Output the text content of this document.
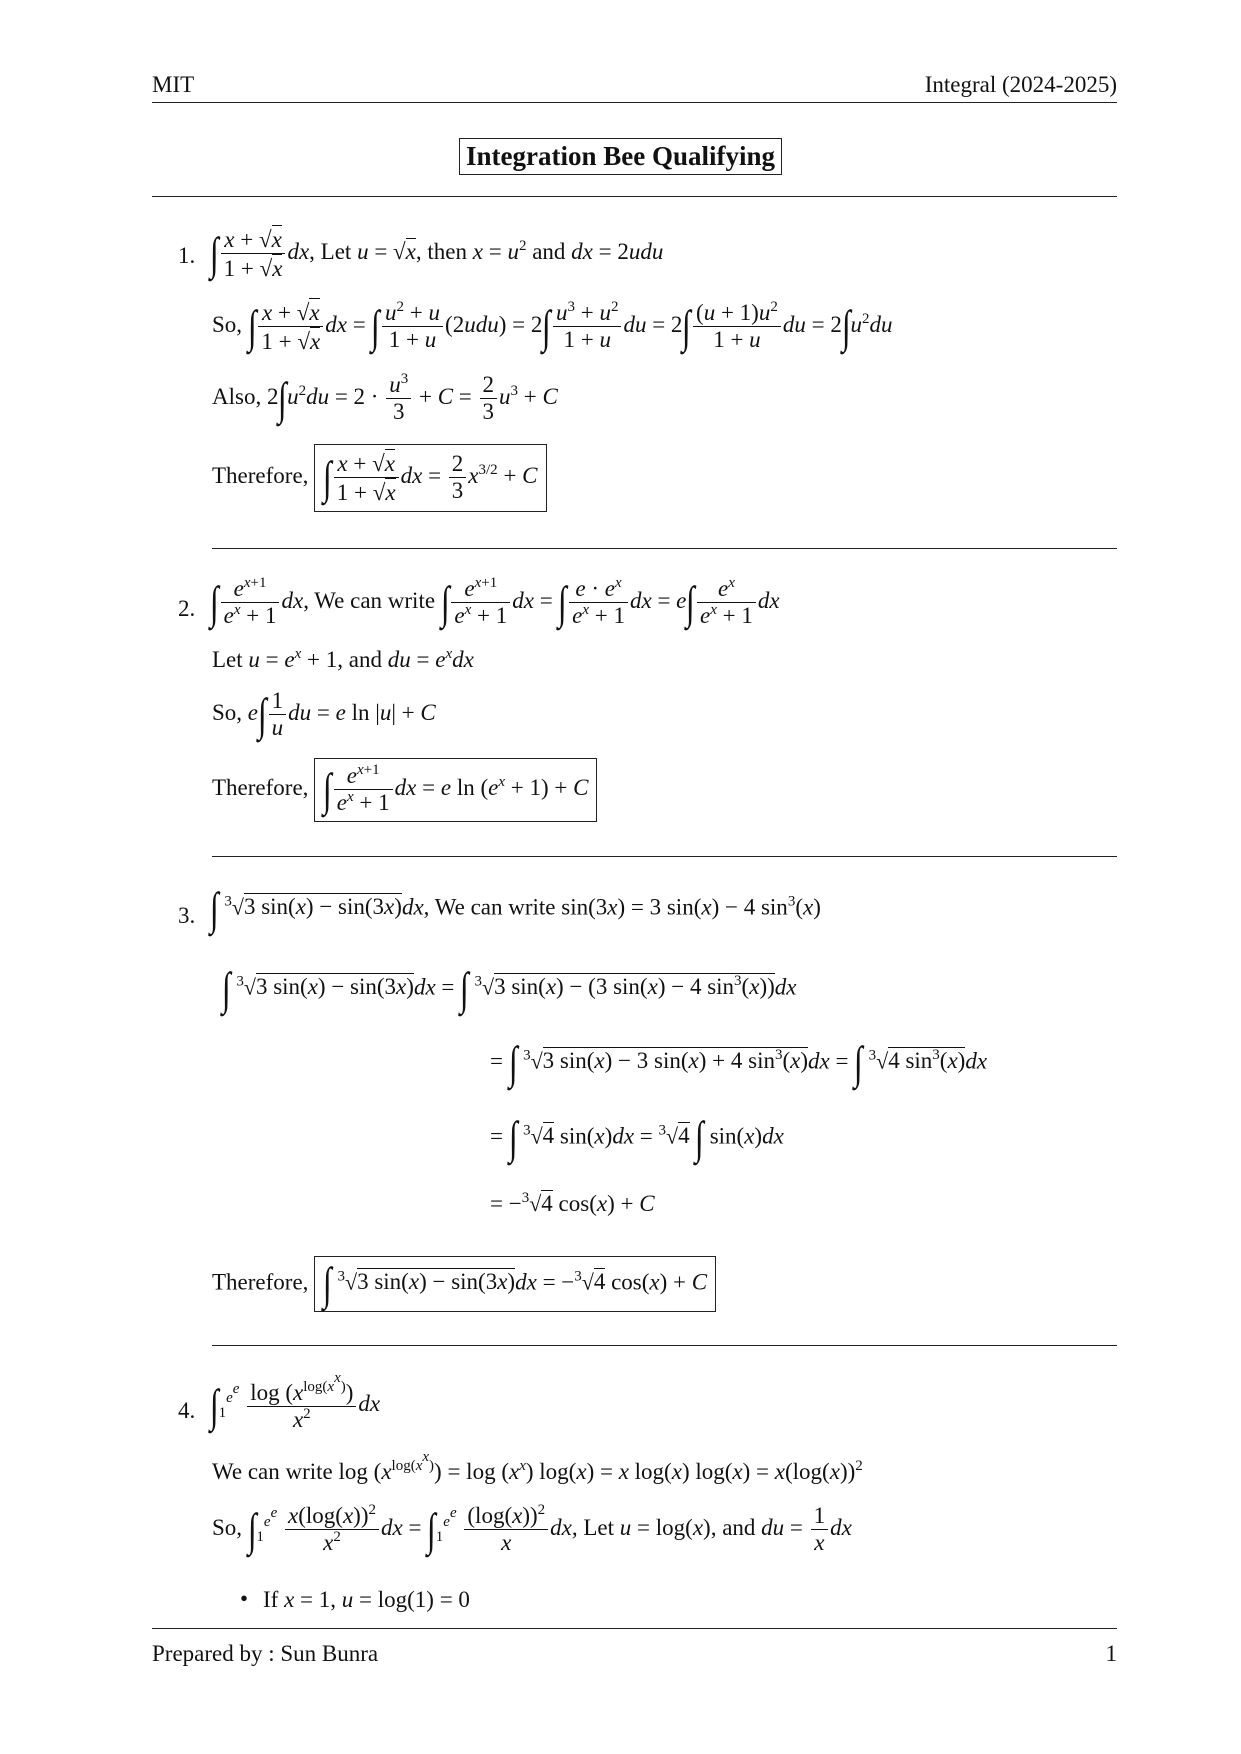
MIT	Integral (2024-2025)
Integration Bee Qualifying
1. ∫ $\frac{x + √x}{1 + √x}$ dx, Let u = √x, then $x = u^2$ and dx = 2udu
So, ∫ $\frac{x + √x}{1 + √x}$ dx = ∫ $\frac{u^2 + u}{1 + u} (2udu) = 2\int \frac{u^3 + u^2}{1 + u}$ du = $2\int \frac{(u + 1)u^2}{1 + u}$ du = $2\int u^2du$
Also, $2\int u^2du = 2 \cdot \frac{u^3}{3} + C = \frac{2}{3} u^3 + C$
Therefore, ∫ $\frac{x + √x}{1 + √x}$ dx = $\frac{2}{3} x^{3/2} + C$
2. ∫ $\frac{e^{x+1}}{e^x + 1}$ dx, We can write ∫ $\frac{e^{x+1}}{e^x + 1}$ dx = ∫ $\frac{e \cdot e^x}{e^x + 1}$ dx = $e\int \frac{e^x}{e^x + 1}$ dx
Let $u = e^x + 1$, and du = $e^xdx$
So, $e\int \frac{1}{u}$ du = e ln |u| + C
Therefore, ∫ $\frac{e^{x+1}}{e^x + 1}$ dx = e $\ln (e^x + 1) + C$
3. ∫ $^3$√3 sin(x) − sin(3x)dx, We can write sin(3x) = 3 sin(x) − 4 $\sin^3(x)$
∫ $^3$√3 sin(x) − sin(3x)dx = ∫ $^3$√3 sin(x) − (3 sin(x) − 4 $\sin^3(x))dx$
= ∫ $^3$√3 sin(x) − 3 sin(x) + 4 $\sin^3(x)dx$ = ∫ $^3$√4 $\sin^3(x)dx$
= ∫ $^3$√4 sin(x)dx = $^3$√4 ∫ sin(x)dx
= −$^3$√4 cos(x) + C
Therefore, ∫ $^3$√3 sin(x) − sin(3x)dx = −$^3$√4 cos(x) + C
4. $\int_1^{e^e} \frac{\log (x^{log(x^x)})}{x^2}$ dx
We can write $\log (x^{log(x^x)}) = \log (x^x) \log(x) = x$ log(x) $\log(x) = x(\log(x))^2$
So, $\int_1^{e^e} \frac{x(\log(x))^2}{x^2}$ dx = $\int_1^{e^e} \frac{(\log(x))^2}{x}$ dx, Let u = log(x), and du = $\frac{1}{x}$ dx
• If x = 1, u = log(1) = 0
Prepared by : Sun Bunra	1
